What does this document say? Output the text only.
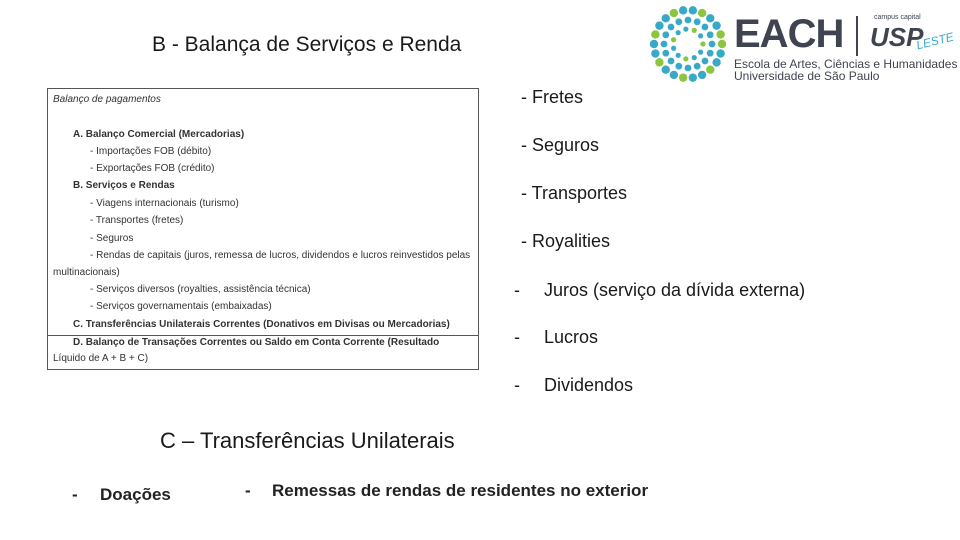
B - Balança de Serviços e Renda	EACH	campus capital
USP
LESTE
Escola de Artes, Ciências e Humanidades
Universidade de São Paulo
Balanço de pagamentos
A. Balanço Comercial (Mercadorias)
- Importações FOB (débito)
- Exportações FOB (crédito)
B. Serviços e Rendas
- Viagens internacionais (turismo)
- Transportes (fretes)
- Seguros
- Rendas de capitais (juros, remessa de lucros, dividendos e lucros reinvestidos pelas
multinacionais)
- Serviços diversos (royalties, assistência técnica)
- Serviços governamentais (embaixadas)
C. Transferências Unilaterais Correntes (Donativos em Divisas ou Mercadorias)
D. Balanço de Transações Correntes ou Saldo em Conta Corrente (Resultado
Líquido de A + B + C)
- Fretes
- Seguros
- Transportes
- Royalities
- Juros (serviço da dívida externa)
- Lucros
- Dividendos
C – Transferências Unilaterais
- Doações	- Remessas de rendas de residentes no exterior
